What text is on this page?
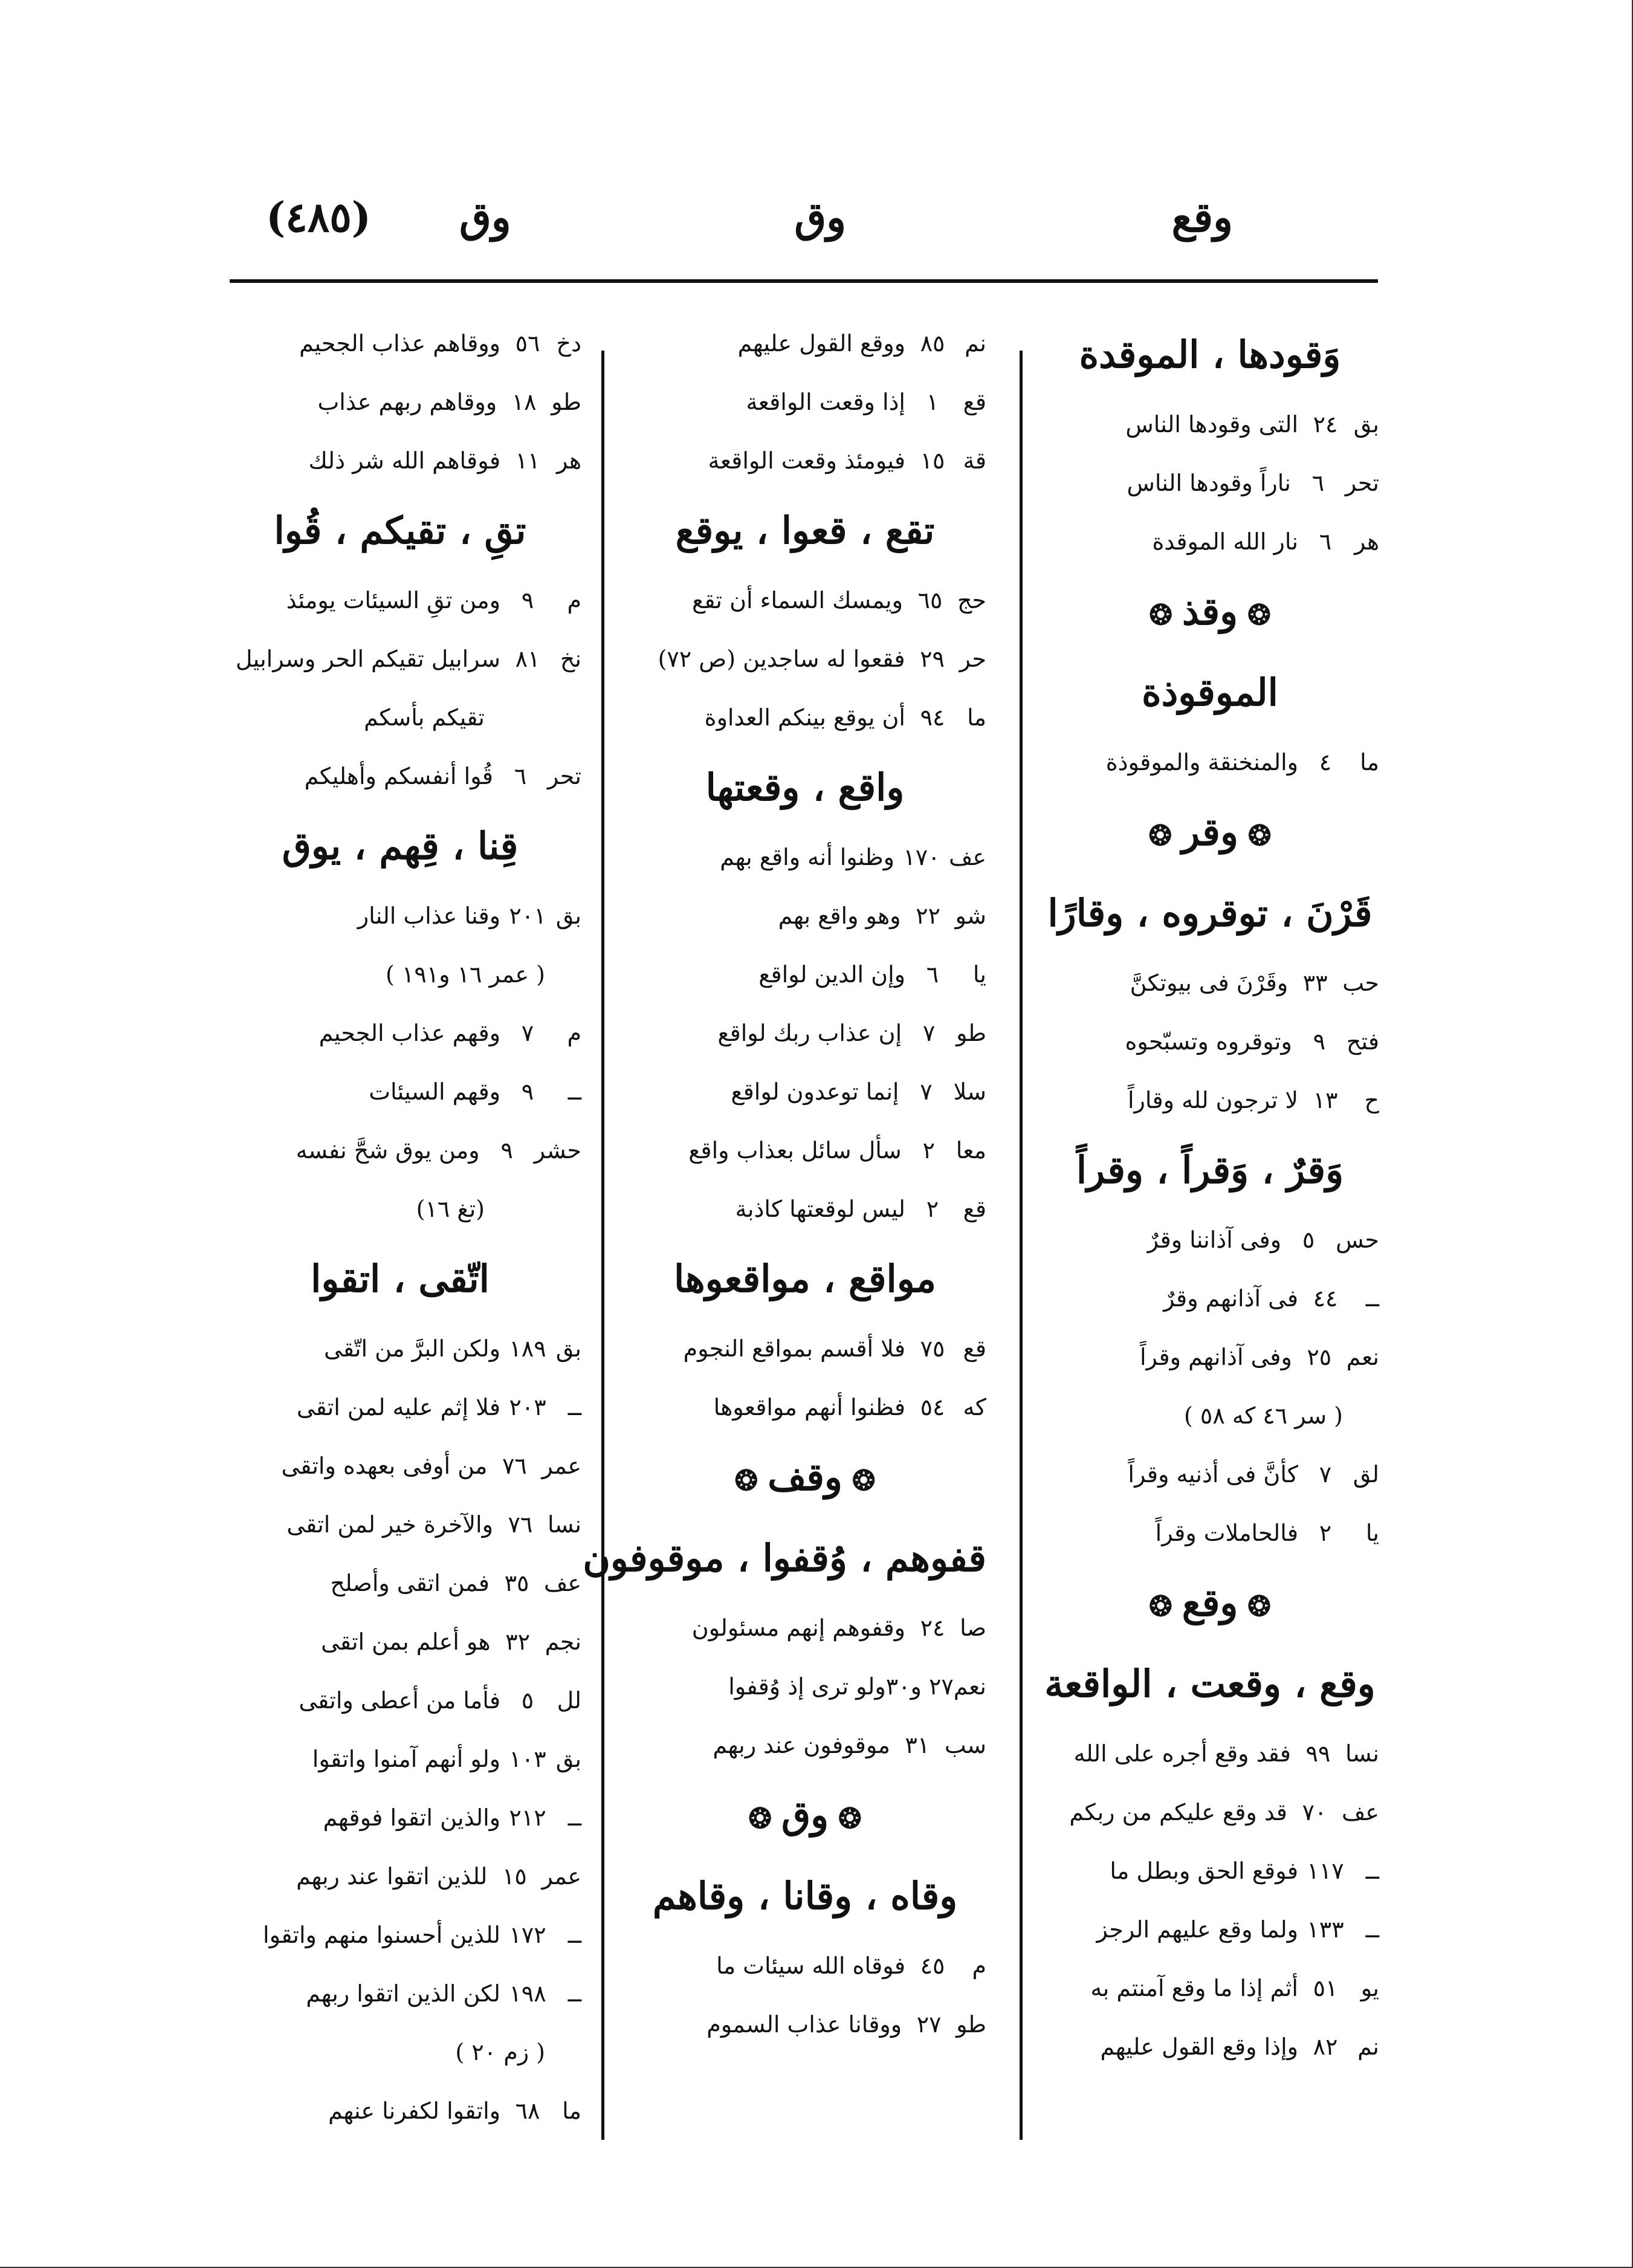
وقع
وق
وق
(٤٨٥)
وَقودها ، الموقدة
بق٢٤التى وقودها الناس
تحر٦ناراً وقودها الناس
هر٦نار الله الموقدة
❂ وقذ ❂
الموقوذة
ما٤والمنخنقة والموقوذة
❂ وقر ❂
قَرْنَ ، توقروه ، وقارًا
حب٣٣وقَرْنَ فى بيوتكنَّ
فتح٩وتوقروه وتسبّحوه
ح١٣لا ترجون لله وقاراً
وَقرٌ ، وَقراً ، وقراً
حس٥وفى آذاننا وقرٌ
ــ٤٤فى آذانهم وقرٌ
نعم٢٥وفى آذانهم وقراً
( سر ٤٦ كه ٥٨ )
لق٧كأنَّ فى أذنيه وقراً
يا٢فالحاملات وقراً
❂ وقع ❂
وقع ، وقعت ، الواقعة
نسا٩٩فقد وقع أجره على الله
عف٧٠قد وقع عليكم من ربكم
ــ١١٧فوقع الحق وبطل ما
ــ١٣٣ولما وقع عليهم الرجز
يو٥١أثم إذا ما وقع آمنتم به
نم٨٢وإذا وقع القول عليهم
نم٨٥ووقع القول عليهم
قع١إذا وقعت الواقعة
قة١٥فيومئذ وقعت الواقعة
تقع ، قعوا ، يوقع
حج٦٥ويمسك السماء أن تقع
حر٢٩فقعوا له ساجدين (ص ٧٢)
ما٩٤أن يوقع بينكم العداوة
واقع ، وقعتها
عف١٧٠وظنوا أنه واقع بهم
شو٢٢وهو واقع بهم
يا٦وإن الدين لواقع
طو٧إن عذاب ربك لواقع
سلا٧إنما توعدون لواقع
معا٢سأل سائل بعذاب واقع
قع٢ليس لوقعتها كاذبة
مواقع ، مواقعوها
قع٧٥فلا أقسم بمواقع النجوم
كه٥٤فظنوا أنهم مواقعوها
❂ وقف ❂
قفوهم ، وُقفوا ، موقوفون
صا٢٤وقفوهم إنهم مسئولون
نعم٢٧ و٣٠ولو ترى إذ وُقفوا
سب٣١موقوفون عند ربهم
❂ وق ❂
وقاه ، وقانا ، وقاهم
م٤٥فوقاه الله سيئات ما
طو٢٧ووقانا عذاب السموم
دخ٥٦ووقاهم عذاب الجحيم
طو١٨ووقاهم ربهم عذاب
هر١١فوقاهم الله شر ذلك
تقِ ، تقيكم ، قُوا
م٩ومن تقِ السيئات يومئذ
نخ٨١سرابيل تقيكم الحر وسرابيل
تقيكم بأسكم
تحر٦قُوا أنفسكم وأهليكم
قِنا ، قِهم ، يوق
بق٢٠١وقنا عذاب النار
( عمر ١٦ و١٩١ )
م٧وقهم عذاب الجحيم
ــ٩وقهم السيئات
حشر٩ومن يوق شحَّ نفسه
(تغ ١٦)
اتّقى ، اتقوا
بق١٨٩ولكن البرَّ من اتّقى
ــ٢٠٣فلا إثم عليه لمن اتقى
عمر٧٦من أوفى بعهده واتقى
نسا٧٦والآخرة خير لمن اتقى
عف٣٥فمن اتقى وأصلح
نجم٣٢هو أعلم بمن اتقى
لل٥فأما من أعطى واتقى
بق١٠٣ولو أنهم آمنوا واتقوا
ــ٢١٢والذين اتقوا فوقهم
عمر١٥للذين اتقوا عند ربهم
ــ١٧٢للذين أحسنوا منهم واتقوا
ــ١٩٨لكن الذين اتقوا ربهم
( زم ٢٠ )
ما٦٨واتقوا لكفرنا عنهم
